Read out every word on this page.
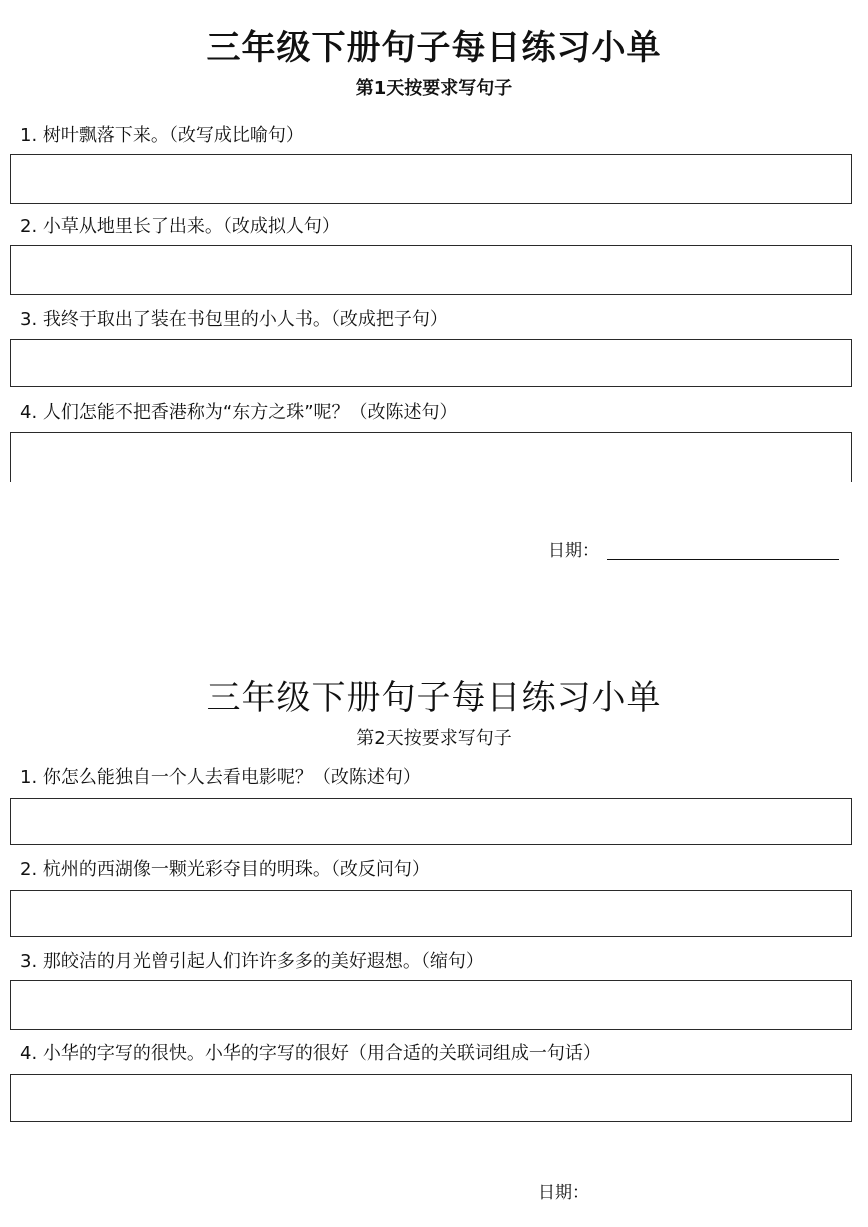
三年级下册句子每日练习小单
第1天按要求写句子
1. 树叶飘落下来。（改写成比喻句）
2. 小草从地里长了出来。（改成拟人句）
3. 我终于取出了装在书包里的小人书。（改成把子句）
4. 人们怎能不把香港称为“东方之珠”呢？（改陈述句）
日期：
三年级下册句子每日练习小单
第2天按要求写句子
1. 你怎么能独自一个人去看电影呢？（改陈述句）
2. 杭州的西湖像一颗光彩夺目的明珠。（改反问句）
3. 那皎洁的月光曾引起人们许许多多的美好遐想。（缩句）
4. 小华的字写的很快。小华的字写的很好（用合适的关联词组成一句话）
日期：
